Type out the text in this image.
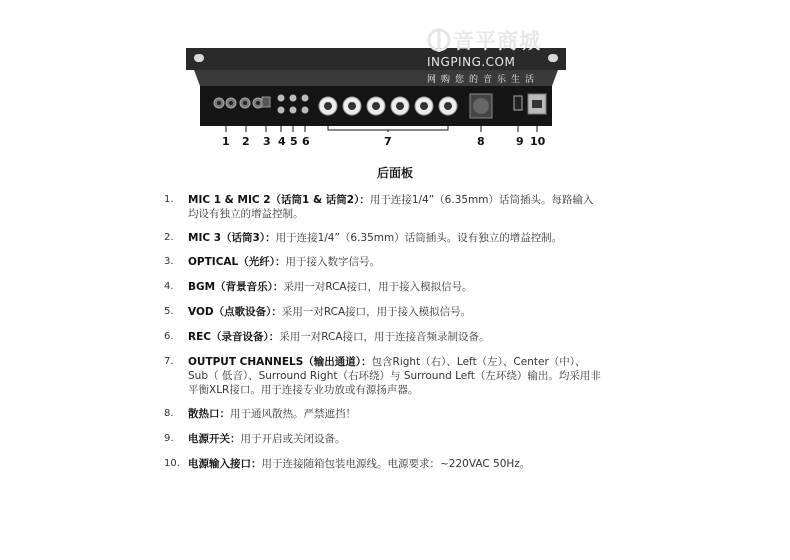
音平商城
INGPING.COM
网购您的音乐生活
1 2 3 4 5 6	7	8	9 10
后面板
1. MIC 1 & MIC 2（话筒1 & 话筒2）：用于连接1/4”（6.35mm）话筒插头。每路输入均设有独立的增益控制。
2. MIC 3（话筒3）：用于连接1/4”（6.35mm）话筒插头。设有独立的增益控制。
3. OPTICAL（光纤）：用于接入数字信号。
4. BGM（背景音乐）：采用一对RCA接口，用于接入模拟信号。
5. VOD（点歌设备）：采用一对RCA接口，用于接入模拟信号。
6. REC（录音设备）：采用一对RCA接口，用于连接音频录制设备。
7. OUTPUT CHANNELS（输出通道）：包含Right（右）、Left（左）、Center（中）、Sub（ 低音）、Surround Right（右环绕）与 Surround Left（左环绕）输出。均采用非平衡XLR接口。用于连接专业功放或有源扬声器。
8. 散热口：用于通风散热。严禁遮挡！
9. 电源开关：用于开启或关闭设备。
10. 电源输入接口：用于连接随箱包装电源线。电源要求：~220VAC 50Hz。
